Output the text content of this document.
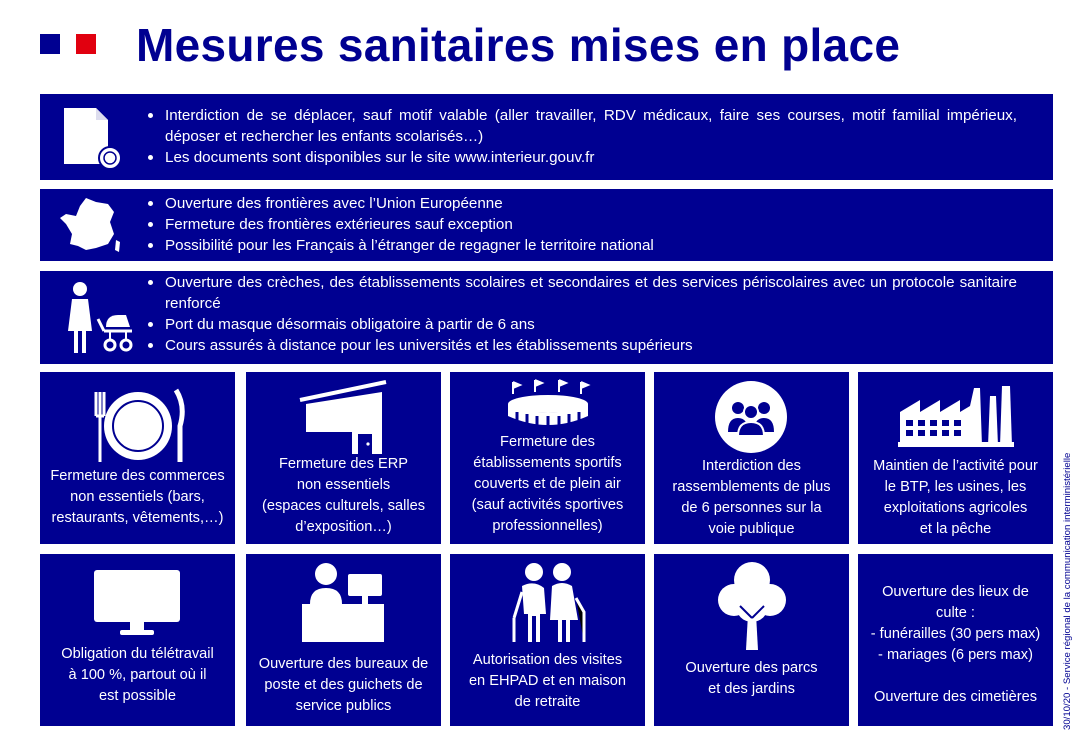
Mesures sanitaires mises en place
Interdiction de se déplacer, sauf motif valable (aller travailler, RDV médicaux, faire ses courses, motif familial impérieux, déposer et rechercher les enfants scolarisés…)
Les documents sont disponibles sur le site www.interieur.gouv.fr
Ouverture des frontières avec l’Union Européenne
Fermeture des frontières extérieures sauf exception
Possibilité pour les Français à l’étranger de regagner le territoire national
Ouverture des crèches, des établissements scolaires et secondaires et des services périscolaires avec un protocole sanitaire renforcé
Port du masque désormais obligatoire à partir de 6 ans
Cours assurés à distance pour les universités et les établissements supérieurs
Fermeture des commerces
non essentiels (bars,
restaurants, vêtements,…)
Fermeture des ERP
non essentiels
(espaces culturels, salles
d’exposition…)
Fermeture des
établissements sportifs
couverts et de plein air
(sauf activités sportives
professionnelles)
Interdiction des
rassemblements de plus
de 6 personnes sur la
voie publique
Maintien de l’activité pour
le BTP, les usines, les
exploitations agricoles
et la pêche
Obligation du télétravail
à 100 %, partout où il
est possible
Ouverture des bureaux de
poste et des guichets de
service publics
Autorisation des visites
en EHPAD et en maison
de retraite
Ouverture des parcs
et des jardins
Ouverture des lieux de
culte :
- funérailles (30 pers max)
- mariages (6 pers max)
Ouverture des cimetières	30/10/20 - Service régional de la communication interministérielle
